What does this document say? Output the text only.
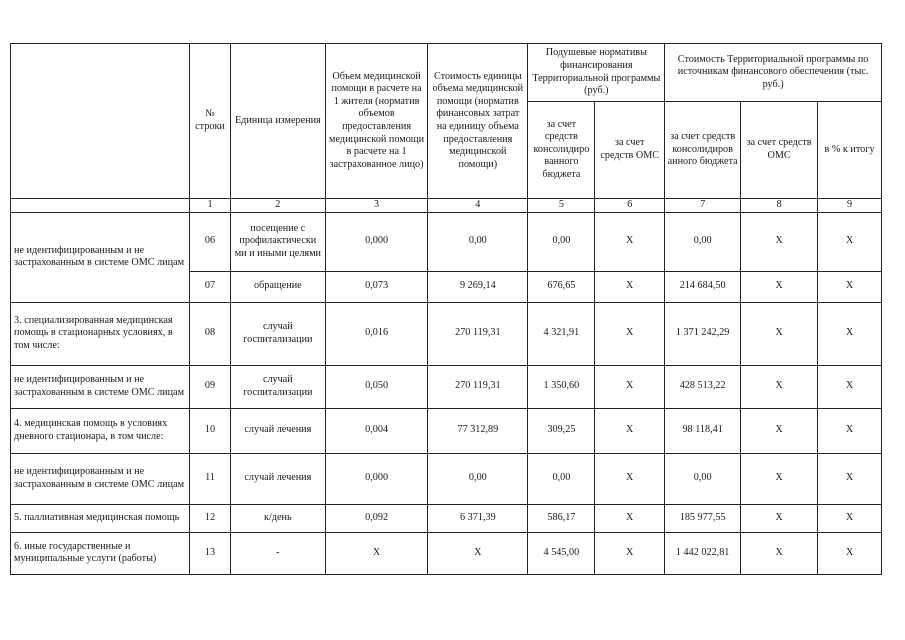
	№ строки	Единица измерения	Объем медицинской помощи в расчете на 1 жителя (норматив объемов предоставления медицинской помощи в расчете на 1 застрахованное лицо)	Стоимость единицы объема медицинской помощи (норматив финансовых затрат на единицу объема предоставления медицинской помощи)	Подушевые нормативы финансирования Территориальной программы (руб.)		Стоимость Территориальной программы по источникам финансового обеспечения (тыс. руб.)		
					за счет средств консолидиро ванного бюджета	за счет средств ОМС	за счет средств консолидиров анного бюджета	за счет средств ОМС	в % к итогу
	1	2	3	4	5	6	7	8	9
не идентифицированным и не застрахованным в системе ОМС лицам	06	посещение с профилактически ми и иными целями	0,000	0,00	0,00	Х	0,00	Х	Х
	07	обращение	0,073	9 269,14	676,65	Х	214 684,50	Х	Х
3. специализированная медицинская помощь в стационарных условиях, в том числе:	08	случай госпитализации	0,016	270 119,31	4 321,91	Х	1 371 242,29	Х	Х
не идентифицированным и не застрахованным в системе ОМС лицам	09	случай госпитализации	0,050	270 119,31	1 350,60	Х	428 513,22	Х	Х
4. медицинская помощь в условиях дневного стационара, в том числе:	10	случай лечения	0,004	77 312,89	309,25	Х	98 118,41	Х	Х
не идентифицированным и не застрахованным в системе ОМС лицам	11	случай лечения	0,000	0,00	0,00	Х	0,00	Х	Х
5. паллиативная медицинская помощь	12	к/день	0,092	6 371,39	586,17	Х	185 977,55	Х	Х
6. иные государственные и муниципальные услуги (работы)	13	-	Х	Х	4 545,00	Х	1 442 022,81	Х	Х
